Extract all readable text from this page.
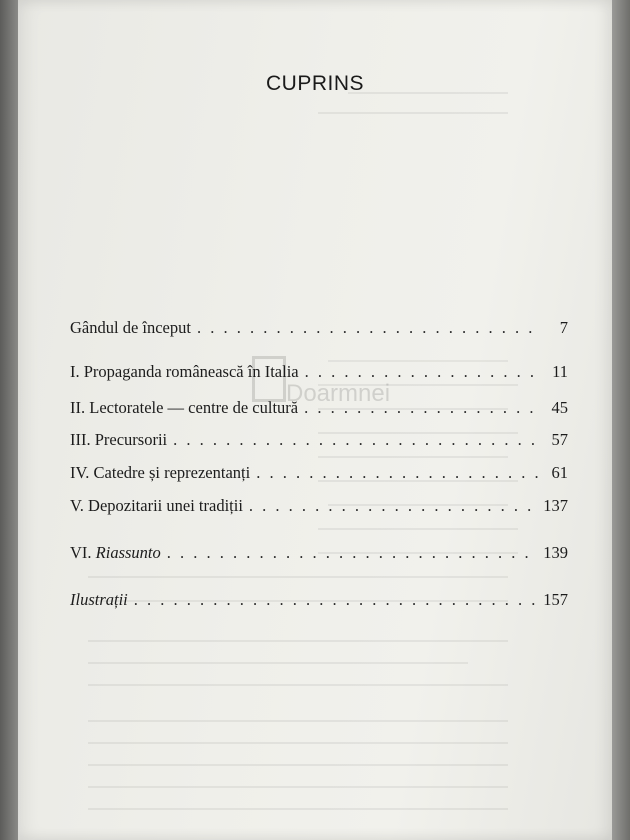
CUPRINS
Doarmnei
Gândul de început . . .	7
I. Propaganda românească în Italia . . .	11
II. Lectoratele — centre de cultură . . .	45
III. Precursorii . . .	57
IV. Catedre și reprezentanți . . .	61
V. Depozitarii unei tradiții . . .	137
VI. Riassunto . . .	139
Ilustrații . . .	157
